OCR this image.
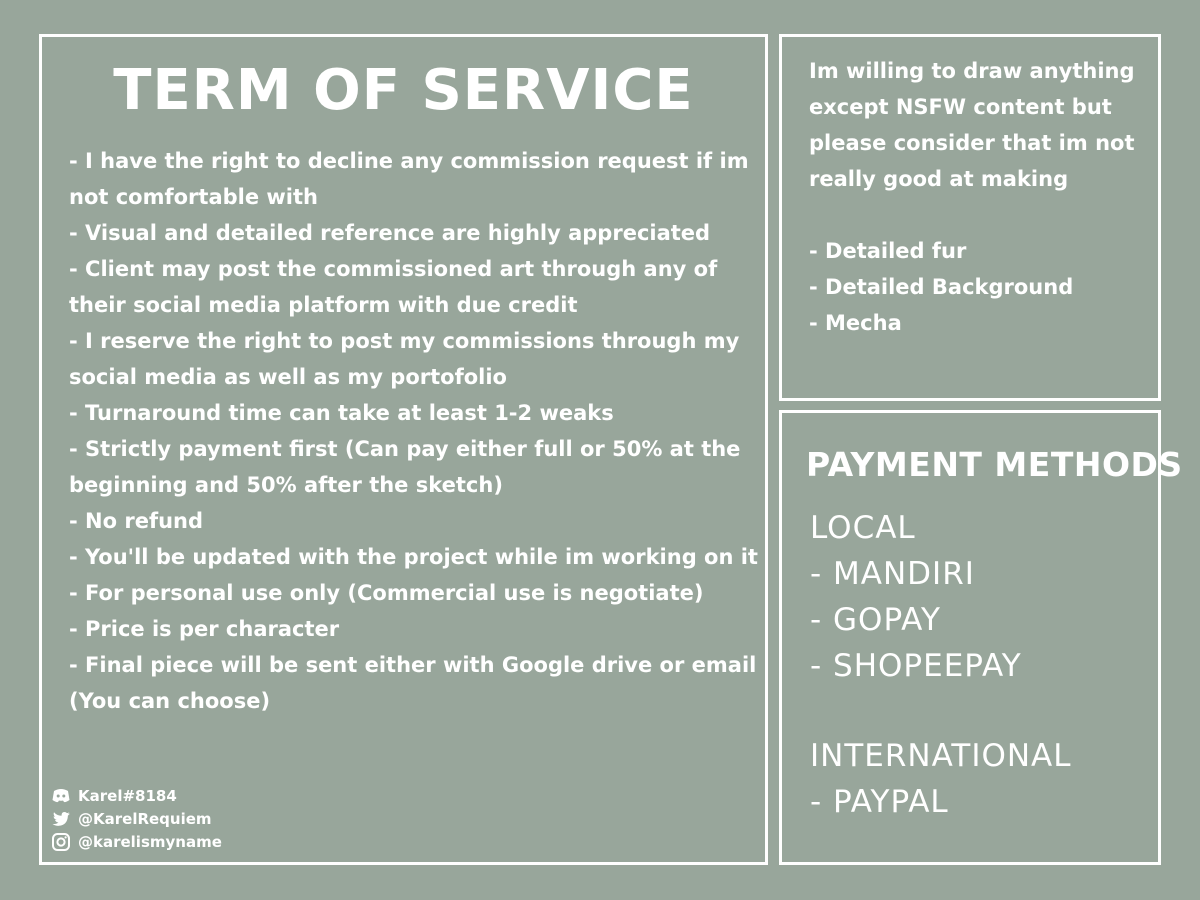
TERM OF SERVICE
- I have the right to decline any commission request if im
not comfortable with
- Visual and detailed reference are highly appreciated
- Client may post the commissioned art through any of
their social media platform with due credit
- I reserve the right to post my commissions through my
social media as well as my portofolio
- Turnaround time can take at least 1-2 weaks
- Strictly payment first (Can pay either full or 50% at the
beginning and 50% after the sketch)
- No refund
- You'll be updated with the project while im working on it
- For personal use only (Commercial use is negotiate)
- Price is per character
- Final piece will be sent either with Google drive or email
(You can choose)
Karel#8184
@KarelRequiem
@karelismyname
Im willing to draw anything
except NSFW content but
please consider that im not
really good at making
- Detailed fur
- Detailed Background
- Mecha
PAYMENT METHODS
LOCAL
- MANDIRI
- GOPAY
- SHOPEEPAY
INTERNATIONAL
- PAYPAL
